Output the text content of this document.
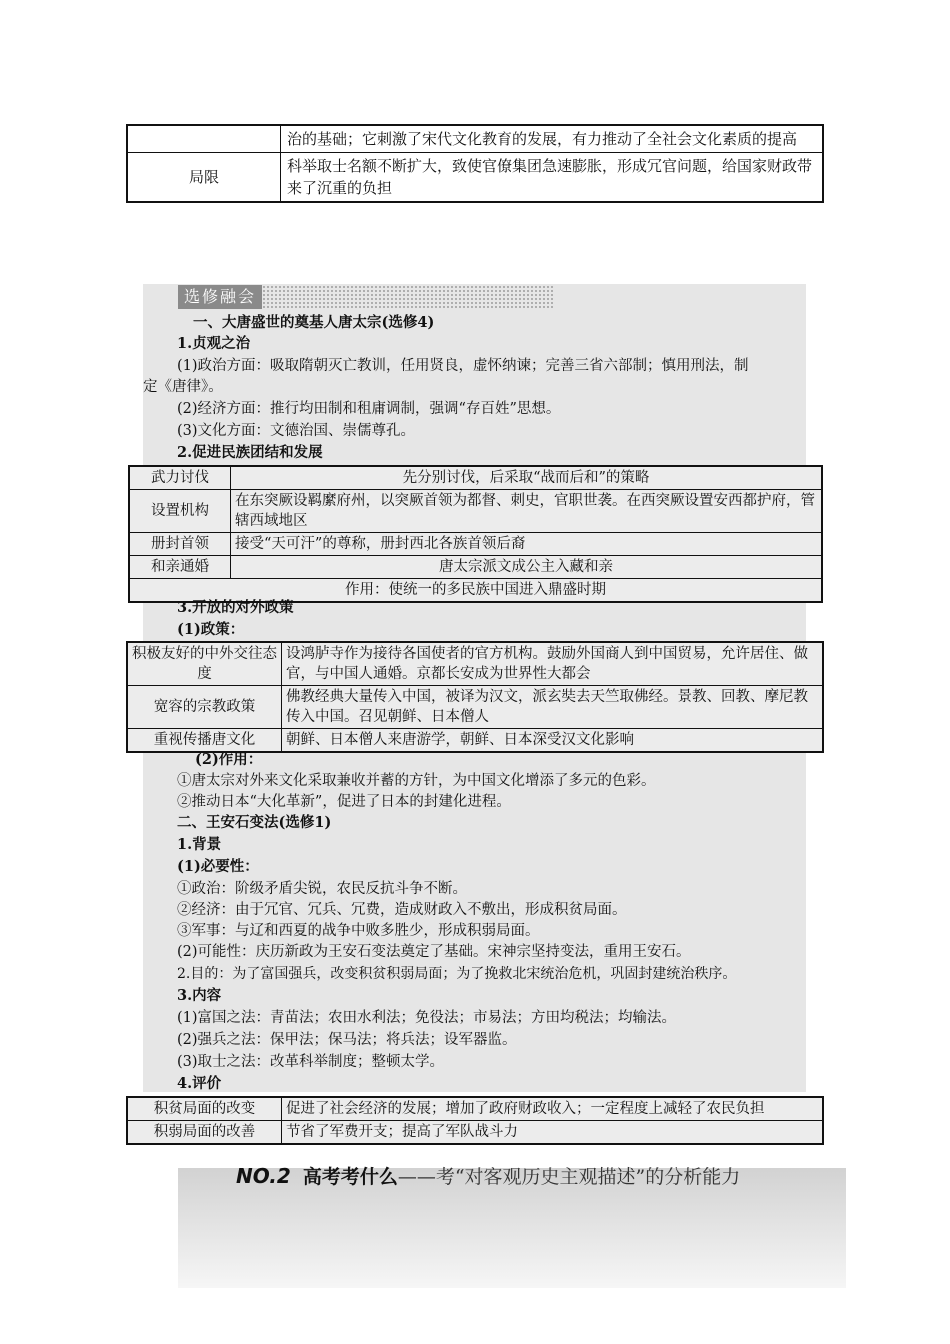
	治的基础；它刺激了宋代文化教育的发展，有力推动了全社会文化素质的提高
局限	科举取士名额不断扩大，致使官僚集团急速膨胀，形成冗官问题，给国家财政带来了沉重的负担
选修融会
一、大唐盛世的奠基人唐太宗(选修4)
1.贞观之治
(1)政治方面：吸取隋朝灭亡教训，任用贤良，虚怀纳谏；完善三省六部制；慎用刑法，制
定《唐律》。
(2)经济方面：推行均田制和租庸调制，强调“存百姓”思想。
(3)文化方面：文德治国、崇儒尊孔。
2.促进民族团结和发展
武力讨伐	先分别讨伐，后采取“战而后和”的策略
设置机构	在东突厥设羁縻府州，以突厥首领为都督、刺史，官职世袭。在西突厥设置安西都护府，管辖西域地区
册封首领	接受“天可汗”的尊称，册封西北各族首领后裔
和亲通婚	唐太宗派文成公主入藏和亲
作用：使统一的多民族中国进入鼎盛时期	
3.开放的对外政策
(1)政策：
积极友好的中外交往态度	设鸿胪寺作为接待各国使者的官方机构。鼓励外国商人到中国贸易，允许居住、做官，与中国人通婚。京都长安成为世界性大都会
宽容的宗教政策	佛教经典大量传入中国，被译为汉文，派玄奘去天竺取佛经。景教、回教、摩尼教传入中国。召见朝鲜、日本僧人
重视传播唐文化	朝鲜、日本僧人来唐游学，朝鲜、日本深受汉文化影响
(2)作用：
①唐太宗对外来文化采取兼收并蓄的方针，为中国文化增添了多元的色彩。
②推动日本“大化革新”，促进了日本的封建化进程。
二、王安石变法(选修1)
1.背景
(1)必要性：
①政治：阶级矛盾尖锐，农民反抗斗争不断。
②经济：由于冗官、冗兵、冗费，造成财政入不敷出，形成积贫局面。
③军事：与辽和西夏的战争中败多胜少，形成积弱局面。
(2)可能性：庆历新政为王安石变法奠定了基础。宋神宗坚持变法，重用王安石。
2.目的：为了富国强兵，改变积贫积弱局面；为了挽救北宋统治危机，巩固封建统治秩序。
3.内容
(1)富国之法：青苗法；农田水利法；免役法；市易法；方田均税法；均输法。
(2)强兵之法：保甲法；保马法；将兵法；设军器监。
(3)取士之法：改革科举制度；整顿太学。
4.评价
积贫局面的改变	促进了社会经济的发展；增加了政府财政收入；一定程度上减轻了农民负担
积弱局面的改善	节省了军费开支；提高了军队战斗力
NO.2 高考考什么——考“对客观历史主观描述”的分析能力
